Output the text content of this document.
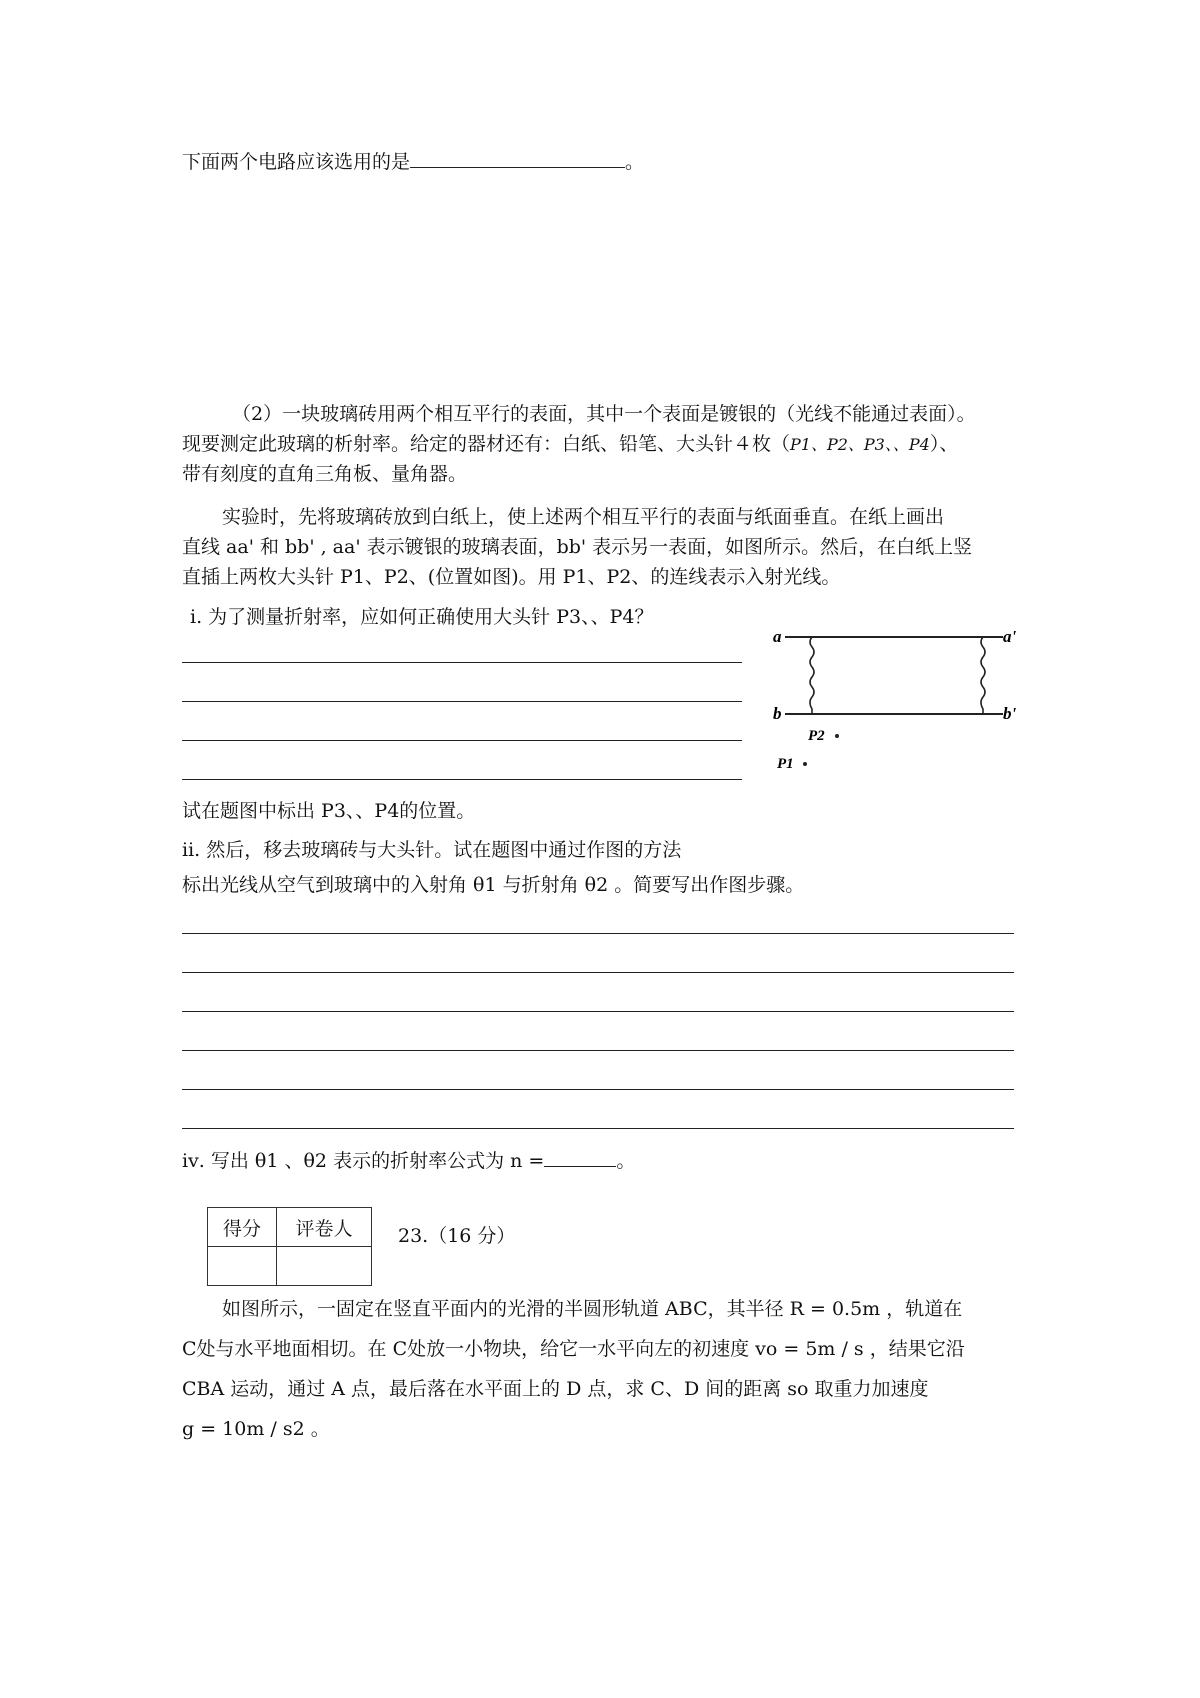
下面两个电路应该选用的是	。
（2）一块玻璃砖用两个相互平行的表面，其中一个表面是镀银的（光线不能通过表面）。
现要测定此玻璃的析射率。给定的器材还有：白纸、铅笔、大头针４枚（P1、P2、P3、、P4）、
带有刻度的直角三角板、量角器。
实验时，先将玻璃砖放到白纸上，使上述两个相互平行的表面与纸面垂直。在纸上画出
直线 aa' 和 bb' , aa' 表示镀银的玻璃表面，bb' 表示另一表面，如图所示。然后，在白纸上竖
直插上两枚大头针 P1、P2、(位置如图)。用 P1、P2、的连线表示入射光线。
ⅰ. 为了测量折射率，应如何正确使用大头针 P3、、P4？
a	a'
b	b'
P2
P1
试在题图中标出 P3、、P4的位置。
ⅱ. 然后，移去玻璃砖与大头针。试在题图中通过作图的方法
标出光线从空气到玻璃中的入射角 θ1 与折射角 θ2 。简要写出作图步骤。
ⅳ. 写出 θ1 、θ2 表示的折射率公式为 n =	。
得分	评卷人
	23.（16 分）
如图所示，一固定在竖直平面内的光滑的半圆形轨道 ABC，其半径 R = 0.5m ，轨道在
C处与水平地面相切。在 C处放一小物块，给它一水平向左的初速度 vo = 5m / s ，结果它沿
CBA 运动，通过 A 点，最后落在水平面上的 D 点，求 C、D 间的距离 so 取重力加速度
g = 10m / s2 。
